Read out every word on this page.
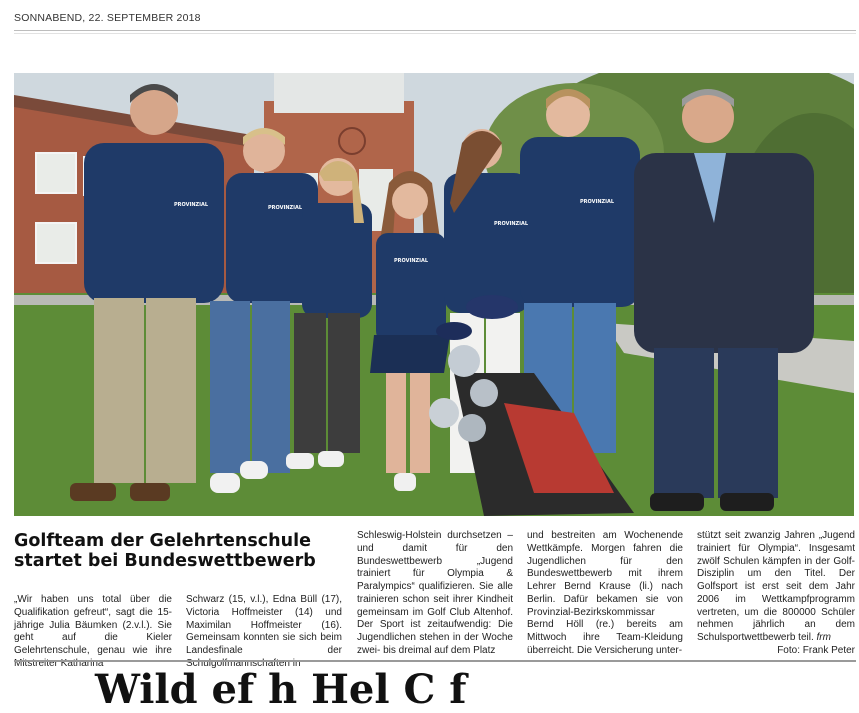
SONNABEND, 22. SEPTEMBER 2018
PROVINZIAL	PROVINZIAL
PROVINZIAL
PROVINZIAL
PROVINZIAL
Golfteam der Gelehrtenschule
startet bei Bundeswettbewerb

„Wir haben uns total über die Qualifikation gefreut“, sagt die 15-jährige Julia Bäumken (2.v.l.). Sie geht auf die Kieler Gelehrtenschule, genau wie ihre Mitstreiter Katharina

Schwarz (15, v.l.), Edna Büll (17), Victoria Hoffmeister (14) und Maximilan Hoffmeister (16). Gemeinsam konnten sie sich beim Landesfinale der Schulgolfmannschaften in

Schleswig-Holstein durchsetzen – und damit für den Bundeswettbewerb „Jugend trainiert für Olympia & Paralympics“ qualifizieren. Sie alle trainieren schon seit ihrer Kindheit gemeinsam im Golf Club Altenhof. Der Sport ist zeitaufwendig: Die Jugendlichen stehen in der Woche zwei- bis dreimal auf dem Platz

und bestreiten am Wochenende Wettkämpfe. Morgen fahren die Jugendlichen für den Bundeswettbewerb mit ihrem Lehrer Bernd Krause (li.) nach Berlin. Dafür bekamen sie von Provinzial-Bezirkskommissar Bernd Höll (re.) bereits am Mittwoch ihre Team-Kleidung überreicht. Die Versicherung unter-

stützt seit zwanzig Jahren „Jugend trainiert für Olympia“. Insgesamt zwölf Schulen kämpfen in der Golf-Disziplin um den Titel. Der Golfsport ist erst seit dem Jahr 2006 im Wettkampfprogramm vertreten, um die 800000 Schüler nehmen jährlich an dem Schulsportwettbewerb teil. frm
Foto: Frank Peter

Wild ef h Hel C f
